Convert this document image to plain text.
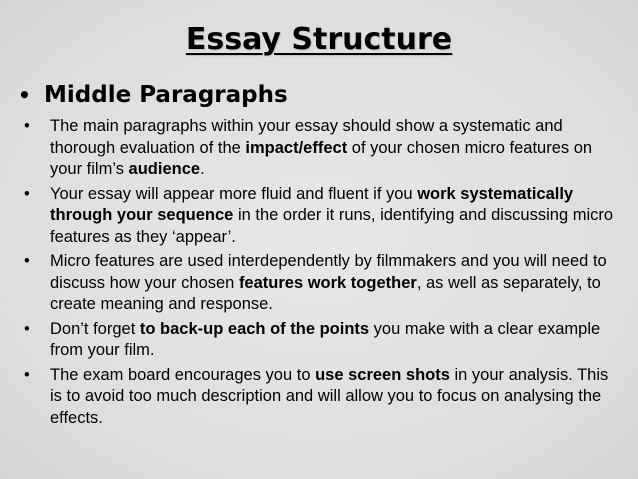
Essay Structure
• Middle Paragraphs
• The main paragraphs within your essay should show a systematic and thorough evaluation of the impact/effect of your chosen micro features on your film’s audience.
• Your essay will appear more fluid and fluent if you work systematically through your sequence in the order it runs, identifying and discussing micro features as they ‘appear’.
• Micro features are used interdependently by filmmakers and you will need to discuss how your chosen features work together, as well as separately, to create meaning and response.
• Don’t forget to back-up each of the points you make with a clear example from your film.
• The exam board encourages you to use screen shots in your analysis. This is to avoid too much description and will allow you to focus on analysing the effects.
